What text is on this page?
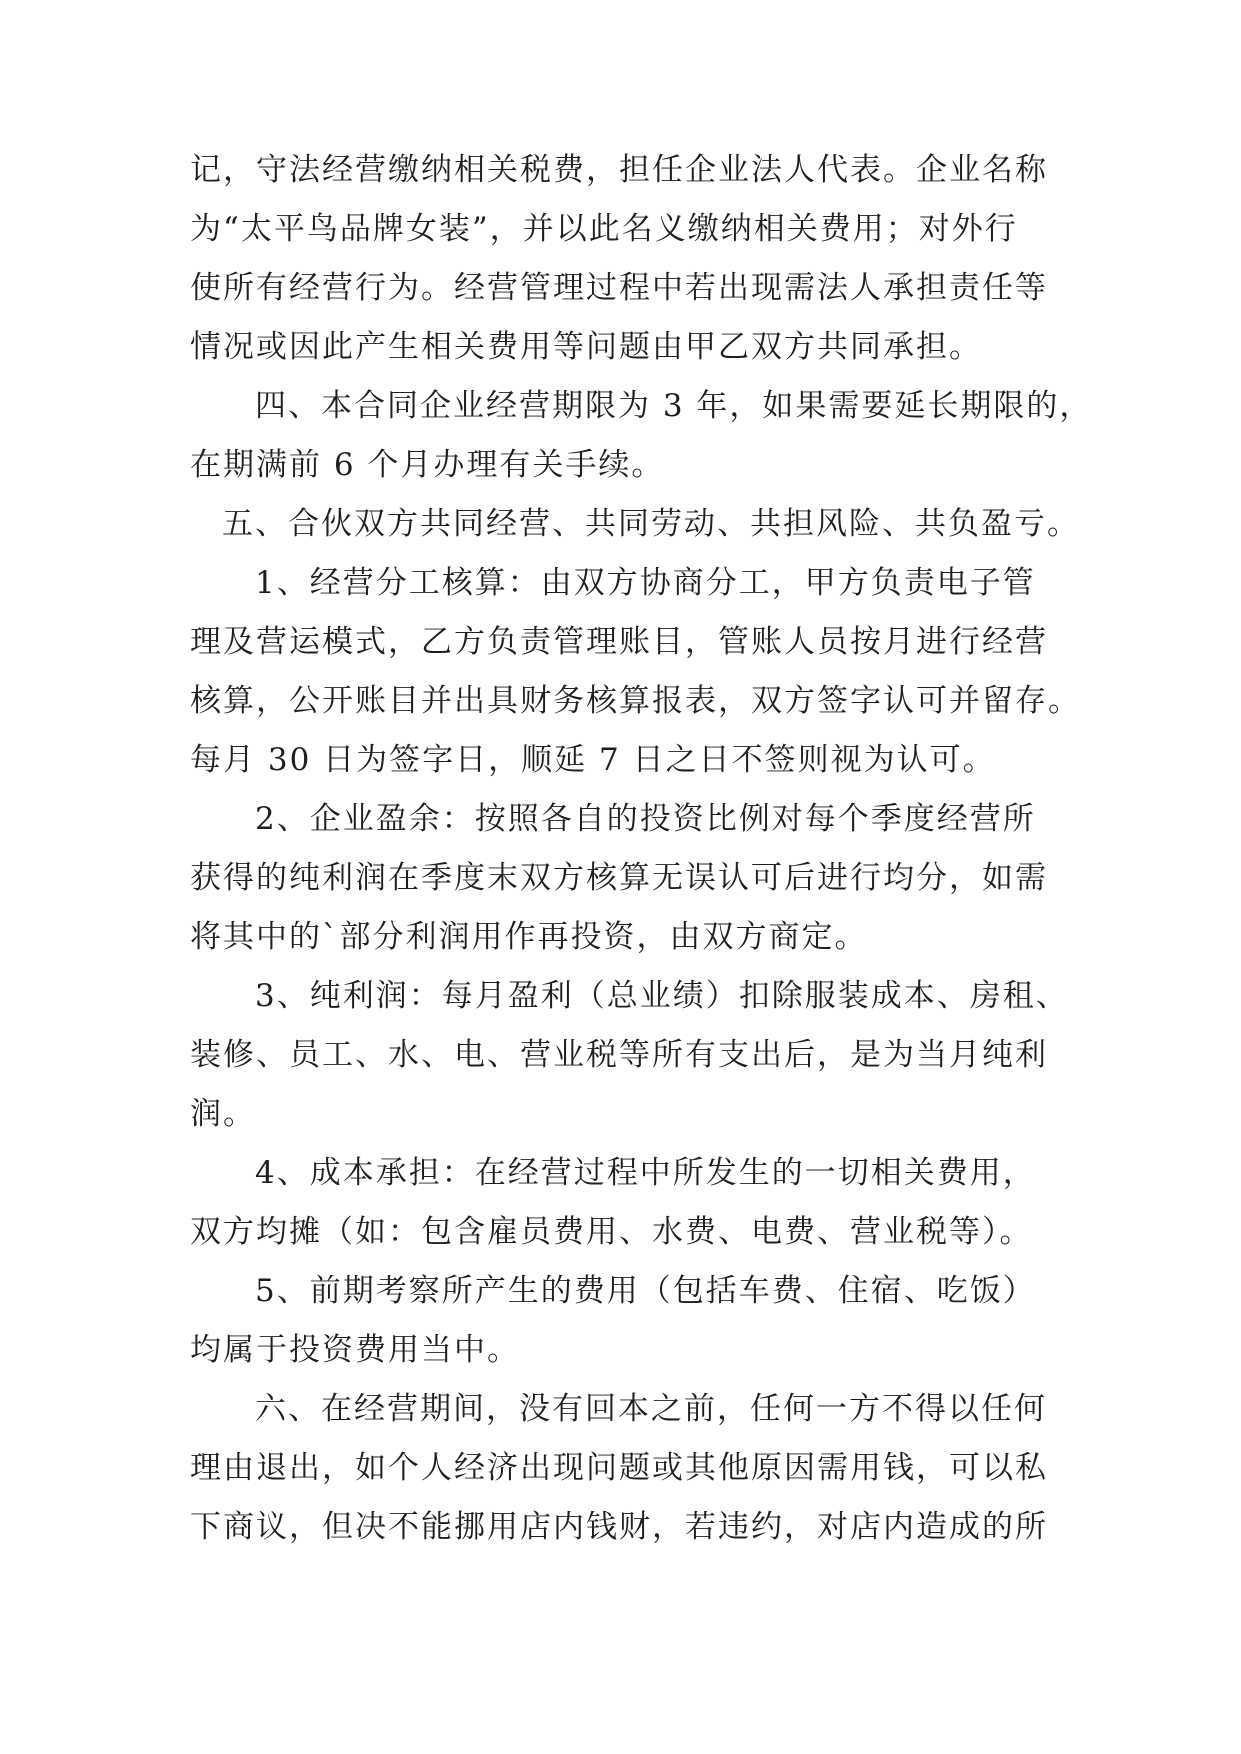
记，守法经营缴纳相关税费，担任企业法人代表。企业名称
为“太平鸟品牌女装”，并以此名义缴纳相关费用；对外行
使所有经营行为。经营管理过程中若出现需法人承担责任等
情况或因此产生相关费用等问题由甲乙双方共同承担。
四、本合同企业经营期限为 3 年，如果需要延长期限的，
在期满前 6 个月办理有关手续。
五、合伙双方共同经营、共同劳动、共担风险、共负盈亏。
1、经营分工核算：由双方协商分工，甲方负责电子管
理及营运模式，乙方负责管理账目，管账人员按月进行经营
核算，公开账目并出具财务核算报表，双方签字认可并留存。
每月 30 日为签字日，顺延 7 日之日不签则视为认可。
2、企业盈余：按照各自的投资比例对每个季度经营所
获得的纯利润在季度末双方核算无误认可后进行均分，如需
将其中的`部分利润用作再投资，由双方商定。
3、纯利润：每月盈利（总业绩）扣除服装成本、房租、
装修、员工、水、电、营业税等所有支出后，是为当月纯利
润。
4、成本承担：在经营过程中所发生的一切相关费用，
双方均摊（如：包含雇员费用、水费、电费、营业税等）。
5、前期考察所产生的费用（包括车费、住宿、吃饭）
均属于投资费用当中。
六、在经营期间，没有回本之前，任何一方不得以任何
理由退出，如个人经济出现问题或其他原因需用钱，可以私
下商议，但决不能挪用店内钱财，若违约，对店内造成的所
